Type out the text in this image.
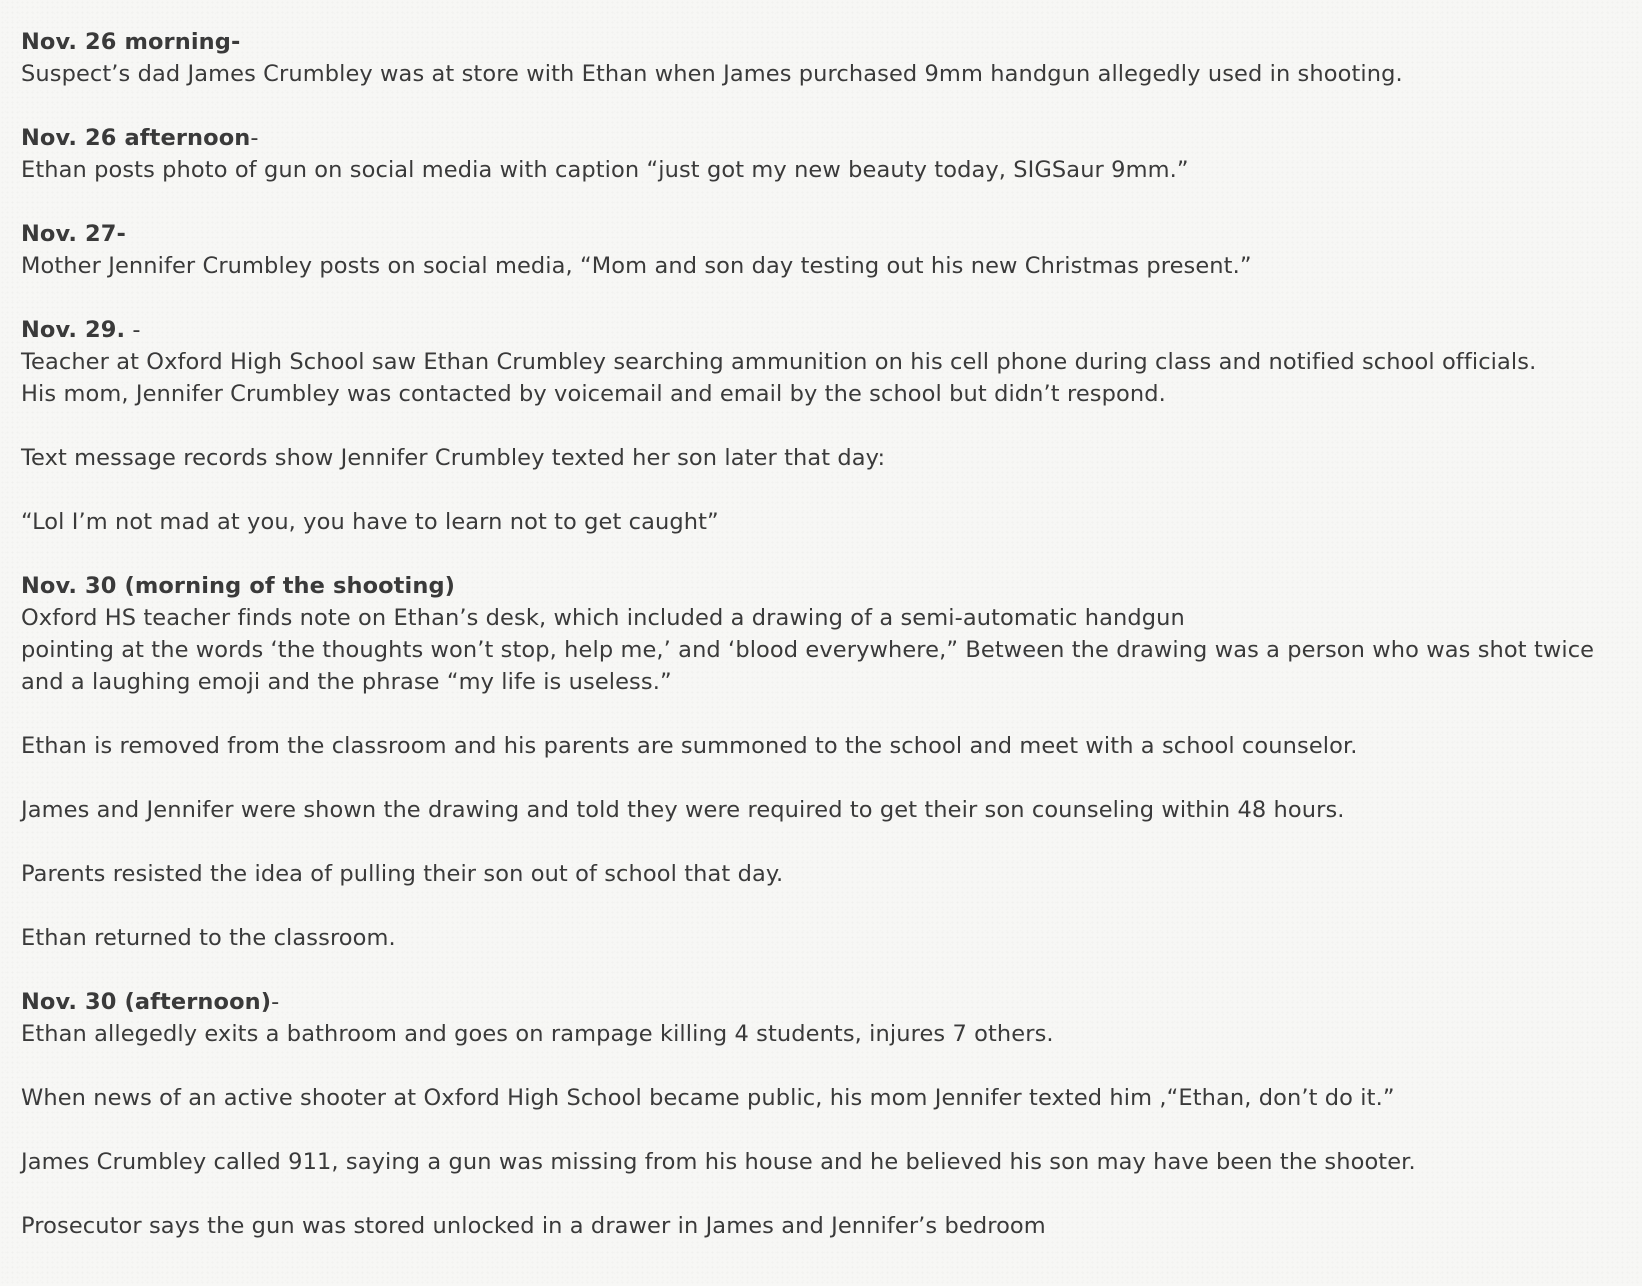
Nov. 26 morning-
Suspect’s dad James Crumbley was at store with Ethan when James purchased 9mm handgun allegedly used in shooting.
Nov. 26 afternoon-
Ethan posts photo of gun on social media with caption “just got my new beauty today, SIGSaur 9mm.”
Nov. 27-
Mother Jennifer Crumbley posts on social media, “Mom and son day testing out his new Christmas present.”
Nov. 29. -
Teacher at Oxford High School saw Ethan Crumbley searching ammunition on his cell phone during class and notified school officials.
His mom, Jennifer Crumbley was contacted by voicemail and email by the school but didn’t respond.
Text message records show Jennifer Crumbley texted her son later that day:
“Lol I’m not mad at you, you have to learn not to get caught”
Nov. 30 (morning of the shooting)
Oxford HS teacher finds note on Ethan’s desk, which included a drawing of a semi-automatic handgun
pointing at the words ‘the thoughts won’t stop, help me,’ and ‘blood everywhere,” Between the drawing was a person who was shot twice
and a laughing emoji and the phrase “my life is useless.”
Ethan is removed from the classroom and his parents are summoned to the school and meet with a school counselor.
James and Jennifer were shown the drawing and told they were required to get their son counseling within 48 hours.
Parents resisted the idea of pulling their son out of school that day.
Ethan returned to the classroom.
Nov. 30 (afternoon)-
Ethan allegedly exits a bathroom and goes on rampage killing 4 students, injures 7 others.
When news of an active shooter at Oxford High School became public, his mom Jennifer texted him ,“Ethan, don’t do it.”
James Crumbley called 911, saying a gun was missing from his house and he believed his son may have been the shooter.
Prosecutor says the gun was stored unlocked in a drawer in James and Jennifer’s bedroom
